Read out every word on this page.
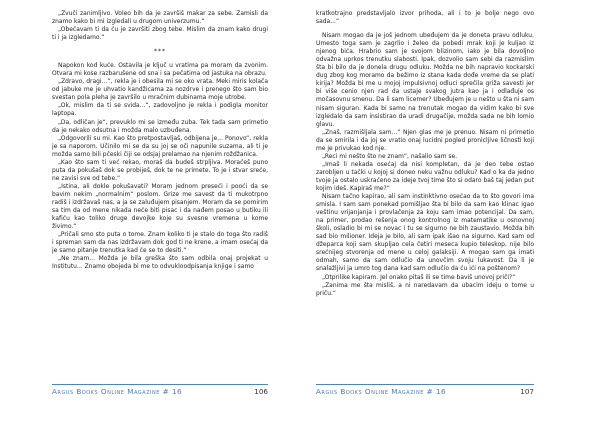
„Zvuči zanimljivo. Voleo bih da je završiš makar za sebe. Zamisli da znamo kako bi mi izgledali u drugom univerzumu.“

„Obećavam ti da ću je završiti zbog tebe. Mislim da znam kako drugi ti i ja izgledamo.“

***

Napokon kod kuće. Ostavila je ključ u vratima pa moram da zvonim. Otvara mi kose razbarušene od sna i sa pečatima od jastuka na obrazu.

„Zdravo, dragi...“, rekla je i obesila mi se oko vrata. Meki miris kolača od jabuke me je uhvatio kandžicama za nozdrve i prenego što sam bio svestan pola pleha je završilo u mračnim dubinama moje utrobe.

„Ok, mislim da ti se svida...“, zadovoljno je rekla i podigla monitor laptopa.

„Da, odličan je“, prevuklo mi se između zuba. Tek tada sam primetio da je nekako odsutna i možda malo uzbuđena.

„Odgovorili su mi. Kao što pretpostavljaš, odbijena je... Ponovo“, rekla je sa naporom. Učinilo mi se da su joj se oči napunile suzama, ali ti je možda samo bili pčeski čiji se odsjaj prelamao na njenim roždžanica.

„Kao što sam ti već rekao, moraš da budeš strpljiva. Moraćeš puno puta da pokušaš dok se probiješ, dok te ne primete. To je i stvar sreće, ne zavisi sve od tebe.“

„Istina, ali dokle pokušavati? Moram jednom preseći i pooći da se bavim nekim „normalnim“ poslom. Grize me savest da ti mukotrpno radiš i izdržavaš nas, a ja se zaluđujem pisanjem. Moram da se pomirim sa tim da od mene nikada neće biti pisac i da nađem posao u butiku ili kafiću kao toliko druge devojke koje su svesne vremena u kome živimo.“

„Pričali smo sto puta o tome. Znam koliko ti je stalo do toga što radiš i spreman sam da nas izdržavam dok god ti ne krene, a imam osećaj da je samo pitanje trenutka kad će se to desiti.“

„Ne znam... Možda je bila greška što sam odbila onaj projekat u Institutu... Znamo obojeda bi me to odvukloodpisanja knjige i samo

Argus Books Online Magazine # 16	106

kratkotrajno predstavljalo izvor prihoda, ali i to je bolje nego ovo sada...“

Nisam mogao da je još jednom ubeđujem da je doneta pravu odluku. Umesto toga sam je zagrlio i želeo da pobedi mrak koji je kuljao iz njenog bića. Hrabrio sam je svojom blizinom, iako je bila dovoljno odvažna uprkos trenutku slabosti. Ipak, dozvolio sam sebi da razmislim šta bi bilo da je donela drugu odluku. Možda ne bih napravio kockarski dug zbog kog moramo da bežimo iz stana kada dođe vreme da se plati kirija? Možda bi me u mojoj impulsivnoj odluci sprečila grižа savesti jer bi više cenio njen rad da ustaje svakog jutra kao ja i odlađuje os močasovnu smenu. Da li sam licemer? Ubeđujem je u nešto u šta ni sam nisam siguran. Kada bi samo na trenutak mogao da vidim kako bi sve izgledalo da sam insistirao da uradi drugačije, možda sada ne bih lomio glavu.

„Znaš, razmišljala sam...“ Njen glas me je prenuo. Nisam ni primetio da se smirila i da joj se vratio onaj lucidni pogled pronicljive ličnosti koji me je privukao kod nje.

„Reci mi nešto što ne znam“, našalio sam se.

„Imaš li nekada osećaj da nisi kompletan, da je deo tebe ostao zarobljen u tački u kojoj si doneo neku važnu odluku? Kad o ka da jedno tvoje ja ostalo uskraćeno za ideje tvoj time što si odaro baš taj jedan put kojim ideš. Kapiraš me?“

Nisam tačno kapirao, ali sam instinktivno osećao da to što govori ima smisla. I sam sam ponekad pomišljao šta bi bilo da sam kao klinac igao veštinu vrijanjanja i provlačenja za koju sam imao potencijal. Da sam, na primer, prodao rešenja onog kontrolnog iz matematike u osnovnoj školi, osladio bi mi se novac i tu se sigurno ne bih zaustavio. Možda bih sad bio milioner. Ideja je bilo, ali sam ipak išao na sigurno. Kad sam od džeparca koji sam skupljao cela četiri meseca kupio teleskop, nije bilo srećnijeg stvorenja od mene u celoj galaksiji. A mogao sam ga imati odmah, samo da sam odlučio da unovčim svoju lukavost. Da li je snalažljivi ja umro tog dana kad sam odlučio da ću ići na poštenom?

„Otprilike kapiram. Jel onako pitаš ili se time baviš unovoj priči?“

„Zanima me šta misliš, a ni naredavam da ubacim ideju o tome u priču.“

Argus Books Online Magazine # 16	107
